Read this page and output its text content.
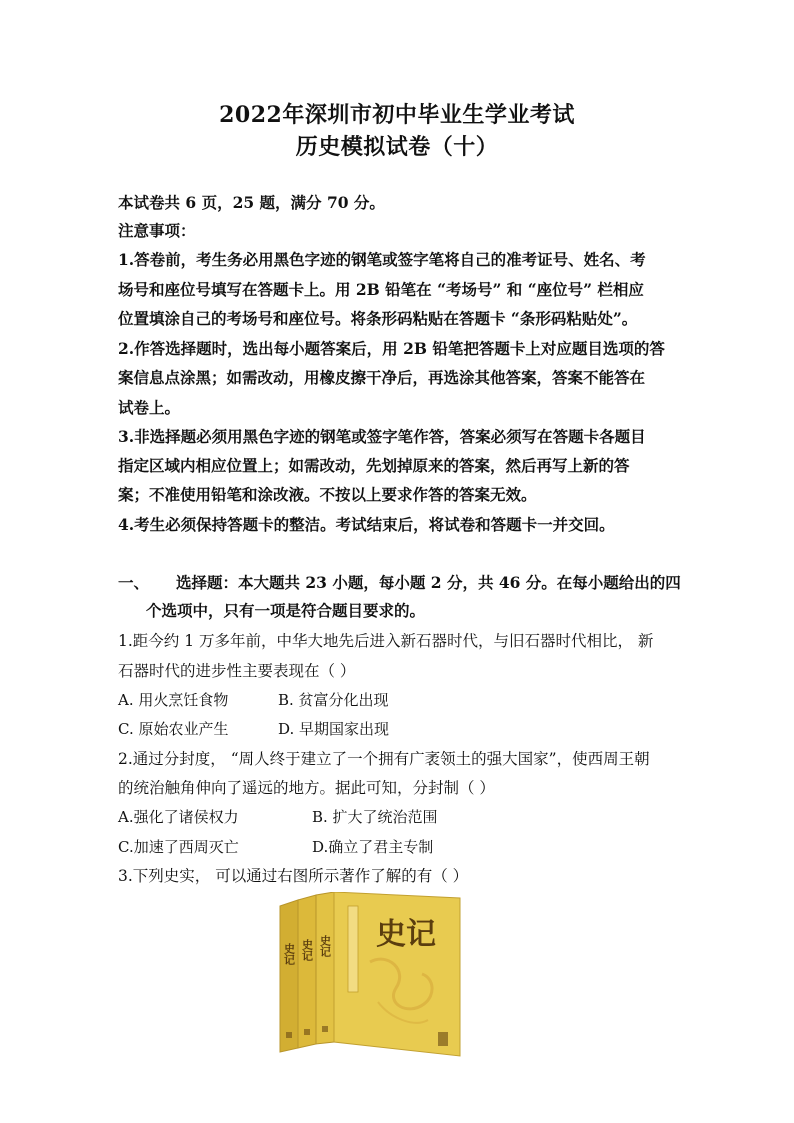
2022年深圳市初中毕业生学业考试
历史模拟试卷（十）
本试卷共 6 页，25 题，满分 70 分。
注意事项：
1.答卷前，考生务必用黑色字迹的钢笔或签字笔将自己的准考证号、姓名、考
场号和座位号填写在答题卡上。用 2B 铅笔在 “考场号” 和 “座位号” 栏相应
位置填涂自己的考场号和座位号。将条形码粘贴在答题卡 “条形码粘贴处”。
2.作答选择题时，选出每小题答案后，用 2B 铅笔把答题卡上对应题目选项的答
案信息点涂黑；如需改动，用橡皮擦干净后，再选涂其他答案，答案不能答在
试卷上。
3.非选择题必须用黑色字迹的钢笔或签字笔作答，答案必须写在答题卡各题目
指定区域内相应位置上；如需改动，先划掉原来的答案，然后再写上新的答
案；不准使用铅笔和涂改液。不按以上要求作答的答案无效。
4.考生必须保持答题卡的整洁。考试结束后，将试卷和答题卡一并交回。
一、 选择题：本大题共 23 小题，每小题 2 分，共 46 分。在每小题给出的四
个选项中，只有一项是符合题目要求的。
1.距今约 1 万多年前，中华大地先后进入新石器时代，与旧石器时代相比， 新
石器时代的进步性主要表现在（ ）
A. 用火烹饪食物	B. 贫富分化出现
C. 原始农业产生	D. 早期国家出现
2.通过分封度， “周人终于建立了一个拥有广袤领土的强大国家”，使西周王朝
的统治触角伸向了遥远的地方。据此可知，分封制（ ）
A.强化了诸侯权力	B. 扩大了统治范围
C.加速了西周灭亡	D.确立了君主专制
3.下列史实， 可以通过右图所示著作了解的有（ ）
史记
史记 史记 史记
